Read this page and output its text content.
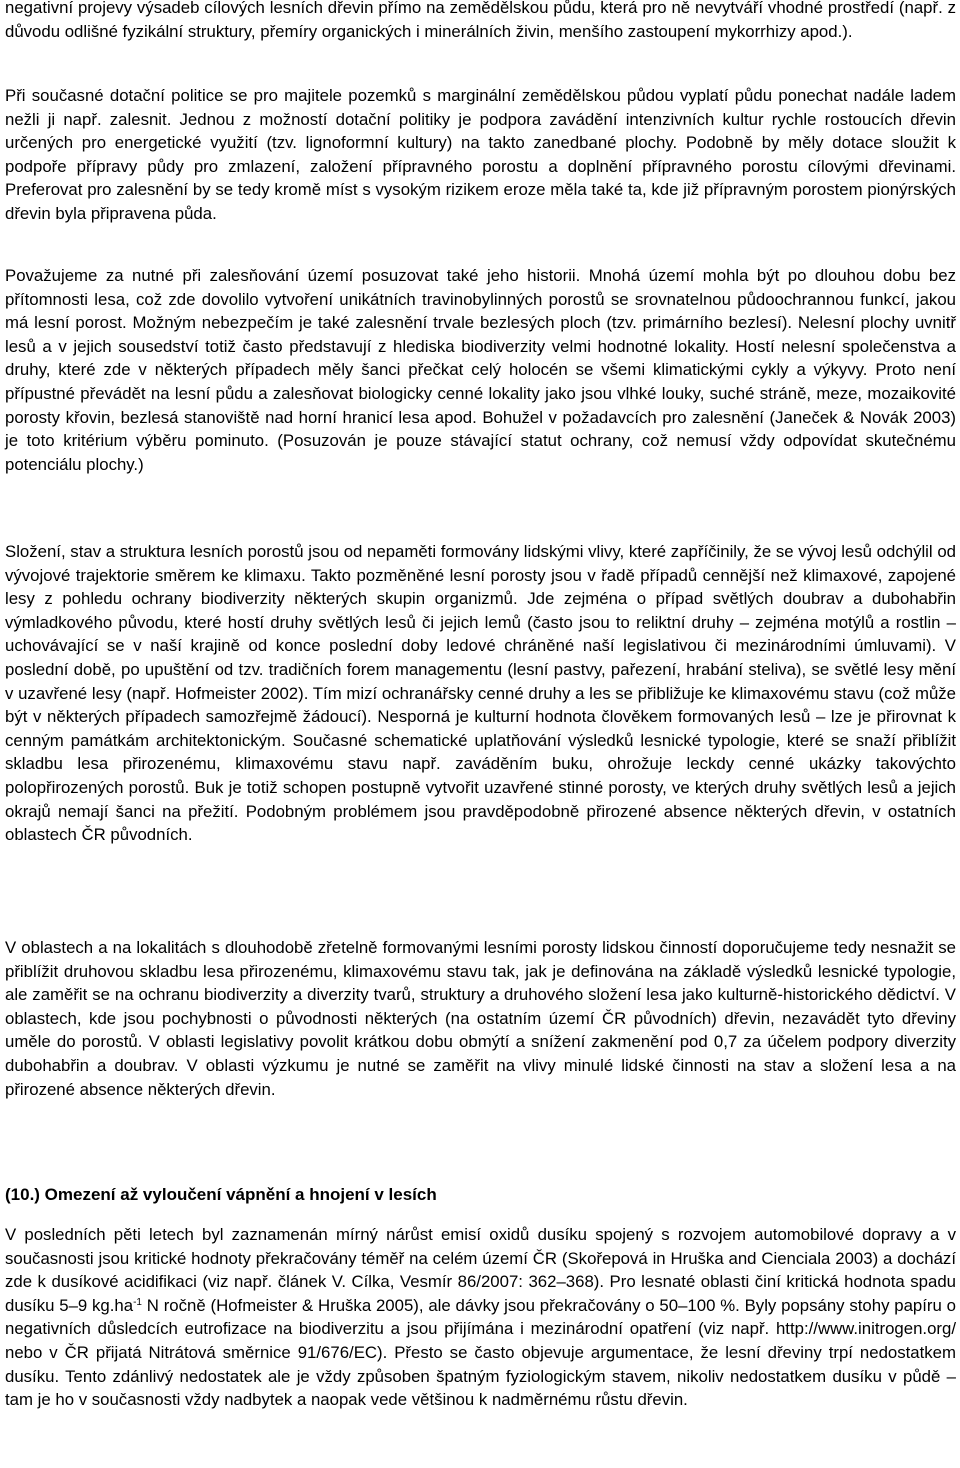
negativní projevy výsadeb cílových lesních dřevin přímo na zemědělskou půdu, která pro ně nevytváří vhodné prostředí (např. z důvodu odlišné fyzikální struktury, přemíry organických i minerálních živin, menšího zastoupení mykorrhizy apod.).

Při současné dotační politice se pro majitele pozemků s marginální zemědělskou půdou vyplatí půdu ponechat nadále ladem nežli ji např. zalesnit. Jednou z možností dotační politiky je podpora zavádění intenzivních kultur rychle rostoucích dřevin určených pro energetické využití (tzv. lignoformní kultury) na takto zanedbané plochy. Podobně by měly dotace sloužit k podpoře přípravy půdy pro zmlazení, založení přípravného porostu a doplnění přípravného porostu cílovými dřevinami. Preferovat pro zalesnění by se tedy kromě míst s vysokým rizikem eroze měla také ta, kde již přípravným porostem pionýrských dřevin byla připravena půda.

Považujeme za nutné při zalesňování území posuzovat také jeho historii. Mnohá území mohla být po dlouhou dobu bez přítomnosti lesa, což zde dovolilo vytvoření unikátních travinobylinných porostů se srovnatelnou půdoochrannou funkcí, jakou má lesní porost. Možným nebezpečím je také zalesnění trvale bezlesých ploch (tzv. primárního bezlesí). Nelesní plochy uvnitř lesů a v jejich sousedství totiž často představují z hlediska biodiverzity velmi hodnotné lokality. Hostí nelesní společenstva a druhy, které zde v některých případech měly šanci přečkat celý holocén se všemi klimatickými cykly a výkyvy. Proto není přípustné převádět na lesní půdu a zalesňovat biologicky cenné lokality jako jsou vlhké louky, suché stráně, meze, mozaikovité porosty křovin, bezlesá stanoviště nad horní hranicí lesa apod. Bohužel v požadavcích pro zalesnění (Janeček & Novák 2003) je toto kritérium výběru pominuto. (Posuzován je pouze stávající statut ochrany, což nemusí vždy odpovídat skutečnému potenciálu plochy.)

Složení, stav a struktura lesních porostů jsou od nepaměti formovány lidskými vlivy, které zapříčinily, že se vývoj lesů odchýlil od vývojové trajektorie směrem ke klimaxu. Takto pozměněné lesní porosty jsou v řadě případů cennější než klimaxové, zapojené lesy z pohledu ochrany biodiverzity některých skupin organizmů. Jde zejména o případ světlých doubrav a dubohabřin výmladkového původu, které hostí druhy světlých lesů či jejich lemů (často jsou to reliktní druhy – zejména motýlů a rostlin – uchovávající se v naší krajině od konce poslední doby ledové chráněné naší legislativou či mezinárodními úmluvami). V poslední době, po upuštění od tzv. tradičních forem managementu (lesní pastvy, pařezení, hrabání steliva), se světlé lesy mění v uzavřené lesy (např. Hofmeister 2002). Tím mizí ochranářsky cenné druhy a les se přibližuje ke klimaxovému stavu (což může být v některých případech samozřejmě žádoucí). Nesporná je kulturní hodnota člověkem formovaných lesů – lze je přirovnat k cenným památkám architektonickým. Současné schematické uplatňování výsledků lesnické typologie, které se snaží přiblížit skladbu lesa přirozenému, klimaxovému stavu např. zaváděním buku, ohrožuje leckdy cenné ukázky takovýchto polopřirozených porostů. Buk je totiž schopen postupně vytvořit uzavřené stinné porosty, ve kterých druhy světlých lesů a jejich okrajů nemají šanci na přežití. Podobným problémem jsou pravděpodobně přirozené absence některých dřevin, v ostatních oblastech ČR původních.

V oblastech a na lokalitách s dlouhodobě zřetelně formovanými lesními porosty lidskou činností doporučujeme tedy nesnažit se přiblížit druhovou skladbu lesa přirozenému, klimaxovému stavu tak, jak je definována na základě výsledků lesnické typologie, ale zaměřit se na ochranu biodiverzity a diverzity tvarů, struktury a druhového složení lesa jako kulturně-historického dědictví. V oblastech, kde jsou pochybnosti o původnosti některých (na ostatním území ČR původních) dřevin, nezavádět tyto dřeviny uměle do porostů. V oblasti legislativy povolit krátkou dobu obmýtí a snížení zakmenění pod 0,7 za účelem podpory diverzity dubohabřin a doubrav. V oblasti výzkumu je nutné se zaměřit na vlivy minulé lidské činnosti na stav a složení lesa a na přirozené absence některých dřevin.

(10.) Omezení až vyloučení vápnění a hnojení v lesích

V posledních pěti letech byl zaznamenán mírný nárůst emisí oxidů dusíku spojený s rozvojem automobilové dopravy a v současnosti jsou kritické hodnoty překračovány téměř na celém území ČR (Skořepová in Hruška and Cienciala 2003) a dochází zde k dusíkové acidifikaci (viz např. článek V. Cílka, Vesmír 86/2007: 362–368). Pro lesnaté oblasti činí kritická hodnota spadu dusíku 5–9 $kg.ha^{-1}$ N ročně (Hofmeister & Hruška 2005), ale dávky jsou překračovány o 50–100 %. Byly popsány stohy papíru o negativních důsledcích eutrofizace na biodiverzitu a jsou přijímána i mezinárodní opatření (viz např. http://www.initrogen.org/ nebo v ČR přijatá Nitrátová směrnice 91/676/EC). Přesto se často objevuje argumentace, že lesní dřeviny trpí nedostatkem dusíku. Tento zdánlivý nedostatek ale je vždy způsoben špatným fyziologickým stavem, nikoliv nedostatkem dusíku v půdě – tam je ho v současnosti vždy nadbytek a naopak vede většinou k nadměrnému růstu dřevin.
